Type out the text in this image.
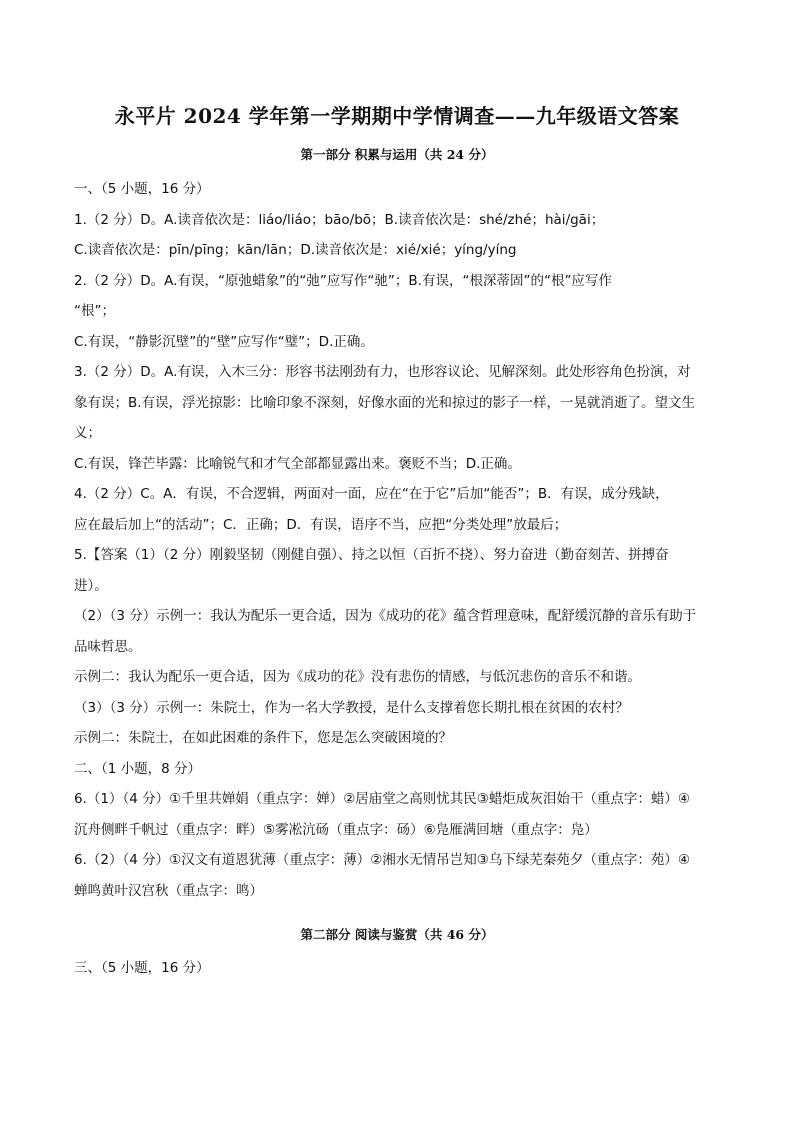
永平片 2024 学年第一学期期中学情调查——九年级语文答案
第一部分 积累与运用（共 24 分）

一、（5 小题，16 分）

1.（2 分）D。A.读音依次是：liáo/liáo；bāo/bō；B.读音依次是：shé/zhé；hài/gāi；

C.读音依次是：pīn/pīng；kān/lān；D.读音依次是：xié/xié；yíng/yíng

2.（2 分）D。A.有误，“原弛蜡象”的“弛”应写作“驰”；B.有误，“根深蒂固”的“根”应写作

“根”；

C.有误，“静影沉壁”的“壁”应写作“璧”；D.正确。

3.（2 分）D。A.有误，入木三分：形容书法刚劲有力，也形容议论、见解深刻。此处形容角色扮演，对

象有误；B.有误，浮光掠影：比喻印象不深刻，好像水面的光和掠过的影子一样，一晃就消逝了。望文生

义；

C.有误，锋芒毕露：比喻锐气和才气全部都显露出来。褒贬不当；D.正确。

4.（2 分）C。A．有误，不合逻辑，两面对一面，应在“在于它”后加“能否”；B．有误，成分残缺，

应在最后加上“的活动”；C．正确；D．有误，语序不当，应把“分类处理”放最后；

5.【答案（1）（2 分）刚毅坚韧（刚健自强）、持之以恒（百折不挠）、努力奋进（勤奋刻苦、拼搏奋

进）。

（2）（3 分）示例一：我认为配乐一更合适，因为《成功的花》蕴含哲理意味，配舒缓沉静的音乐有助于

品味哲思。

示例二：我认为配乐一更合适，因为《成功的花》没有悲伤的情感，与低沉悲伤的音乐不和谐。

（3）（3 分）示例一：朱院士，作为一名大学教授，是什么支撑着您长期扎根在贫困的农村？

示例二：朱院士，在如此困难的条件下，您是怎么突破困境的？

二、（1 小题，8 分）

6.（1）（4 分）①千里共婵娟（重点字：婵）②居庙堂之高则忧其民③蜡炬成灰泪始干（重点字：蜡）④

沉舟侧畔千帆过（重点字：畔）⑤雾凇沆砀（重点字：砀）⑥凫雁满回塘（重点字：凫）

6.（2）（4 分）①汉文有道恩犹薄（重点字：薄）②湘水无情吊岂知③乌下绿芜秦苑夕（重点字：苑）④

蝉鸣黄叶汉宫秋（重点字：鸣）

第二部分 阅读与鉴赏（共 46 分）

三、（5 小题，16 分）
